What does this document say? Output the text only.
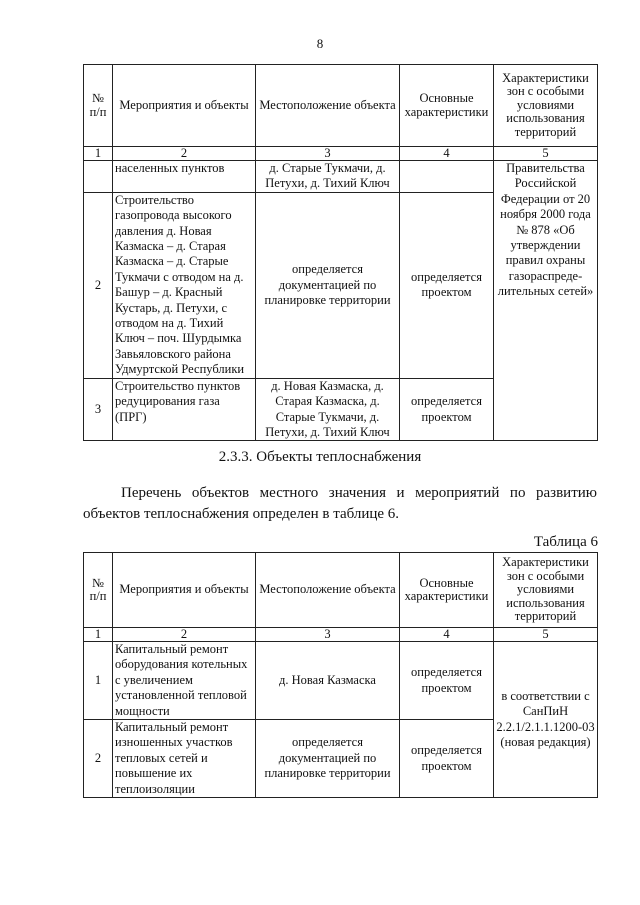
8
№ п/п	Мероприятия и объекты	Местоположение объекта	Основные характеристики	Характеристики зон с особыми условиями использования территорий
1	2	3	4	5
	населенных пунктов	д. Старые Тукмачи, д. Петухи, д. Тихий Ключ		Правительства Российской Федерации от 20 ноября 2000 года № 878 «Об утверждении правил охраны газораспреде-лительных сетей»
2	Строительство газопровода высокого давления д. Новая Казмаска – д. Старая Казмаска – д. Старые Тукмачи с отводом на д. Башур – д. Красный Кустарь, д. Петухи, с отводом на д. Тихий Ключ – поч. Шурдымка Завьяловского района Удмуртской Республики	определяется документацией по планировке территории	определяется проектом	
3	Строительство пунктов редуцирования газа (ПРГ)	д. Новая Казмаска, д. Старая Казмаска, д. Старые Тукмачи, д. Петухи, д. Тихий Ключ	определяется проектом	
2.3.3. Объекты теплоснабжения

Перечень объектов местного значения и мероприятий по развитию объектов теплоснабжения определен в таблице 6.

Таблица 6
№ п/п	Мероприятия и объекты	Местоположение объекта	Основные характеристики	Характеристики зон с особыми условиями использования территорий
1	2	3	4	5
1	Капитальный ремонт оборудования котельных с увеличением установленной тепловой мощности	д. Новая Казмаска	определяется проектом	в соответствии с СанПиН 2.2.1/2.1.1.1200-03 (новая редакция)
2	Капитальный ремонт изношенных участков тепловых сетей и повышение их теплоизоляции	определяется документацией по планировке территории	определяется проектом	
